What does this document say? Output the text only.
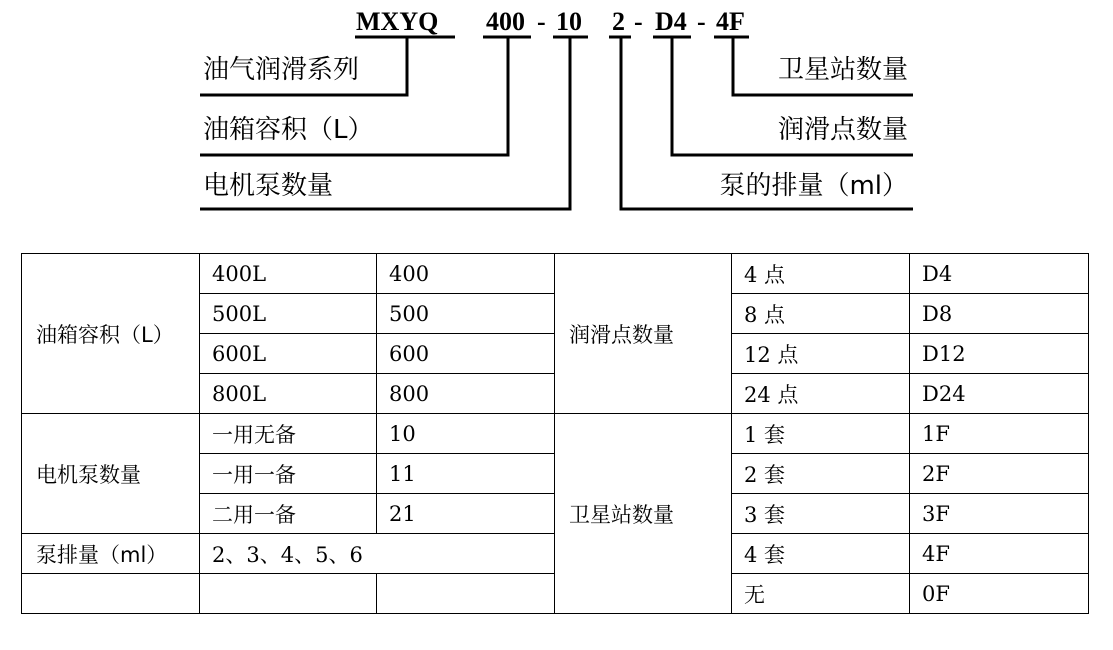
MXYQ 400 - 10 2 - D4 - 4F
油气润滑系列
油箱容积（L）
电机泵数量
卫星站数量
润滑点数量
泵的排量（ml）
油箱容积（L）	400L	400	润滑点数量	4 点	D4
	500L	500		8 点	D8
	600L	600		12 点	D12
	800L	800		24 点	D24
电机泵数量	一用无备	10	卫星站数量	1 套	1F
	一用一备	11		2 套	2F
	二用一备	21		3 套	3F
泵排量（ml）	2、3、4、5、6			4 套	4F
				无	0F
